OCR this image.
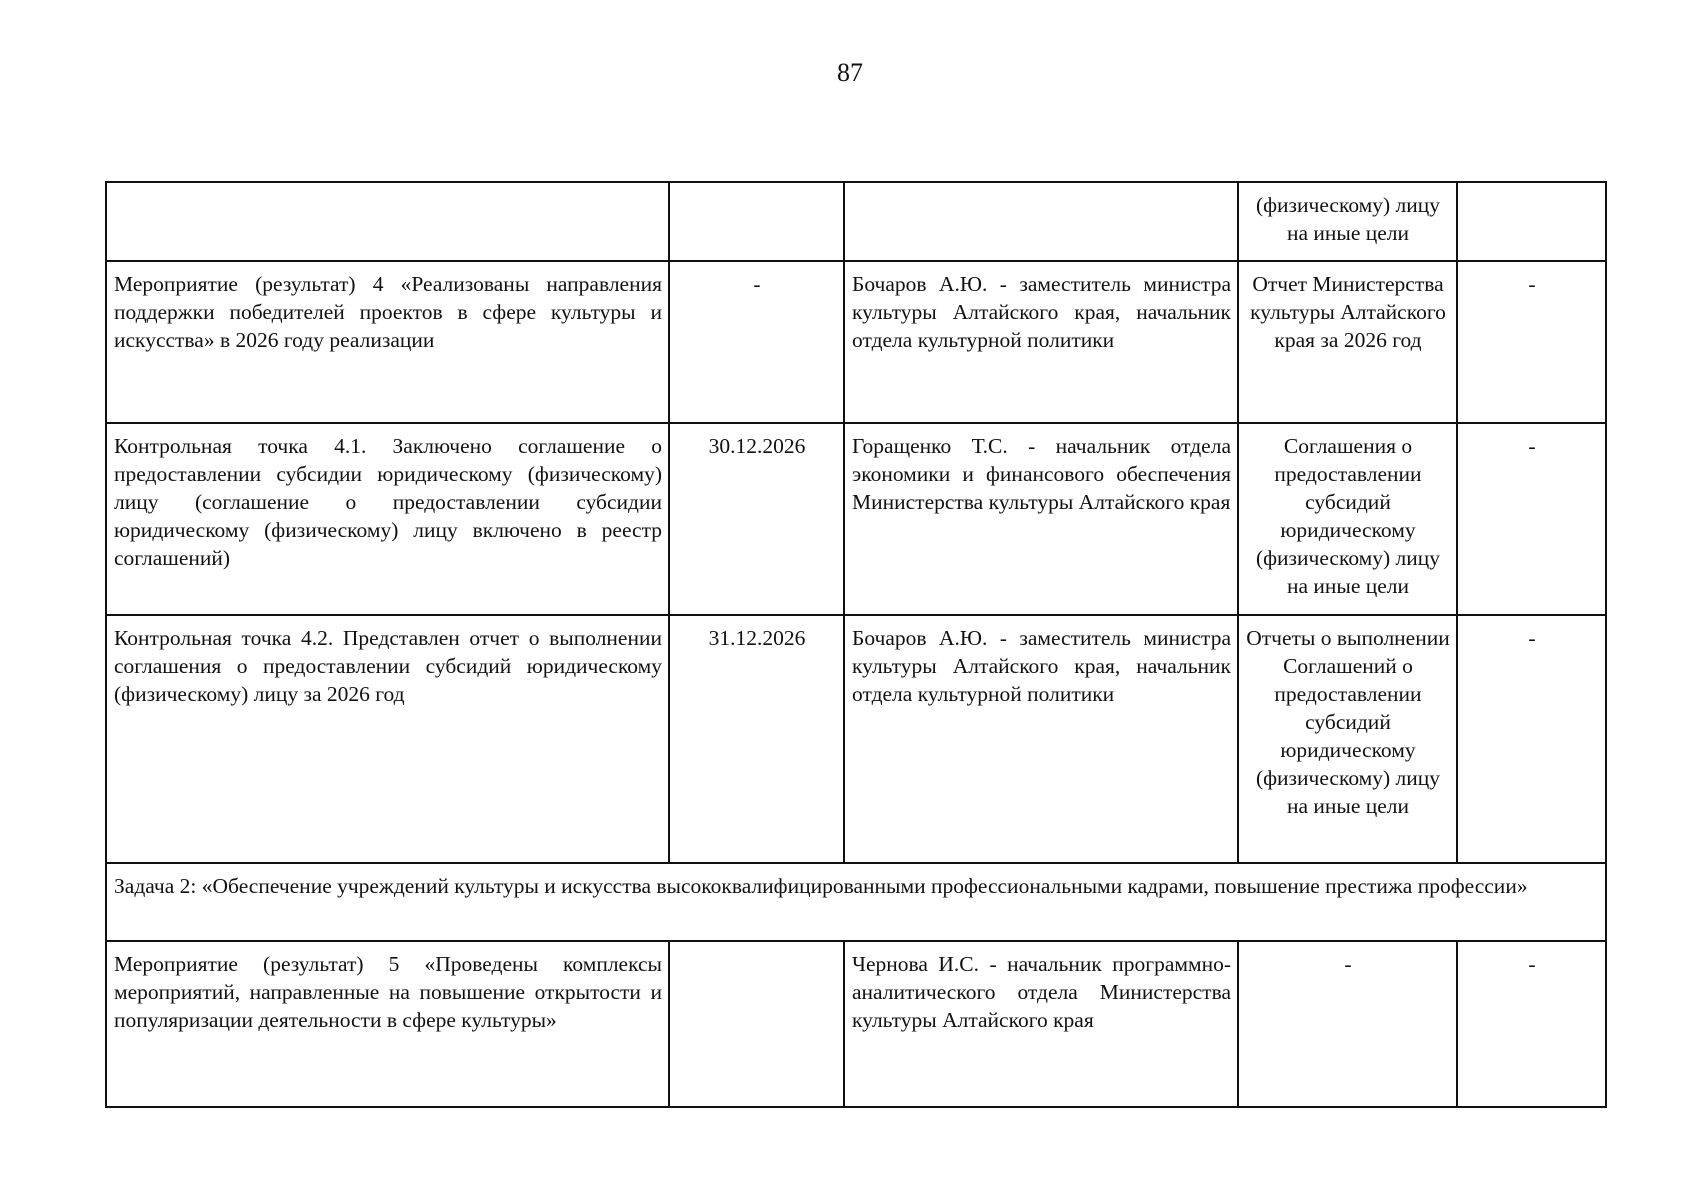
87
			(физическому) лицу на иные цели	
Мероприятие (результат) 4 «Реализованы направления поддержки победителей проектов в сфере культуры и искусства» в 2026 году реализации	-	Бочаров А.Ю. - заместитель министра культуры Алтайского края, начальник отдела культурной политики	Отчет Министерства культуры Алтайского края за 2026 год	-
Контрольная точка 4.1. Заключено соглашение о предоставлении субсидии юридическому (физическому) лицу (соглашение о предоставлении субсидии юридическому (физическому) лицу включено в реестр соглашений)	30.12.2026	Горащенко Т.С. - начальник отдела экономики и финансового обеспечения Министерства культуры Алтайского края	Соглашения о предоставлении субсидий юридическому (физическому) лицу на иные цели	-
Контрольная точка 4.2. Представлен отчет о выполнении соглашения о предоставлении субсидий юридическому (физическому) лицу за 2026 год	31.12.2026	Бочаров А.Ю. - заместитель министра культуры Алтайского края, начальник отдела культурной политики	Отчеты о выполнении Соглашений о предоставлении субсидий юридическому (физическому) лицу на иные цели	-
Задача 2: «Обеспечение учреждений культуры и искусства высококвалифицированными профессиональными кадрами, повышение престижа профессии»				
Мероприятие (результат) 5 «Проведены комплексы мероприятий, направленные на повышение открытости и популяризации деятельности в сфере культуры»		Чернова И.С. - начальник программно-аналитического отдела Министерства культуры Алтайского края	-	-
